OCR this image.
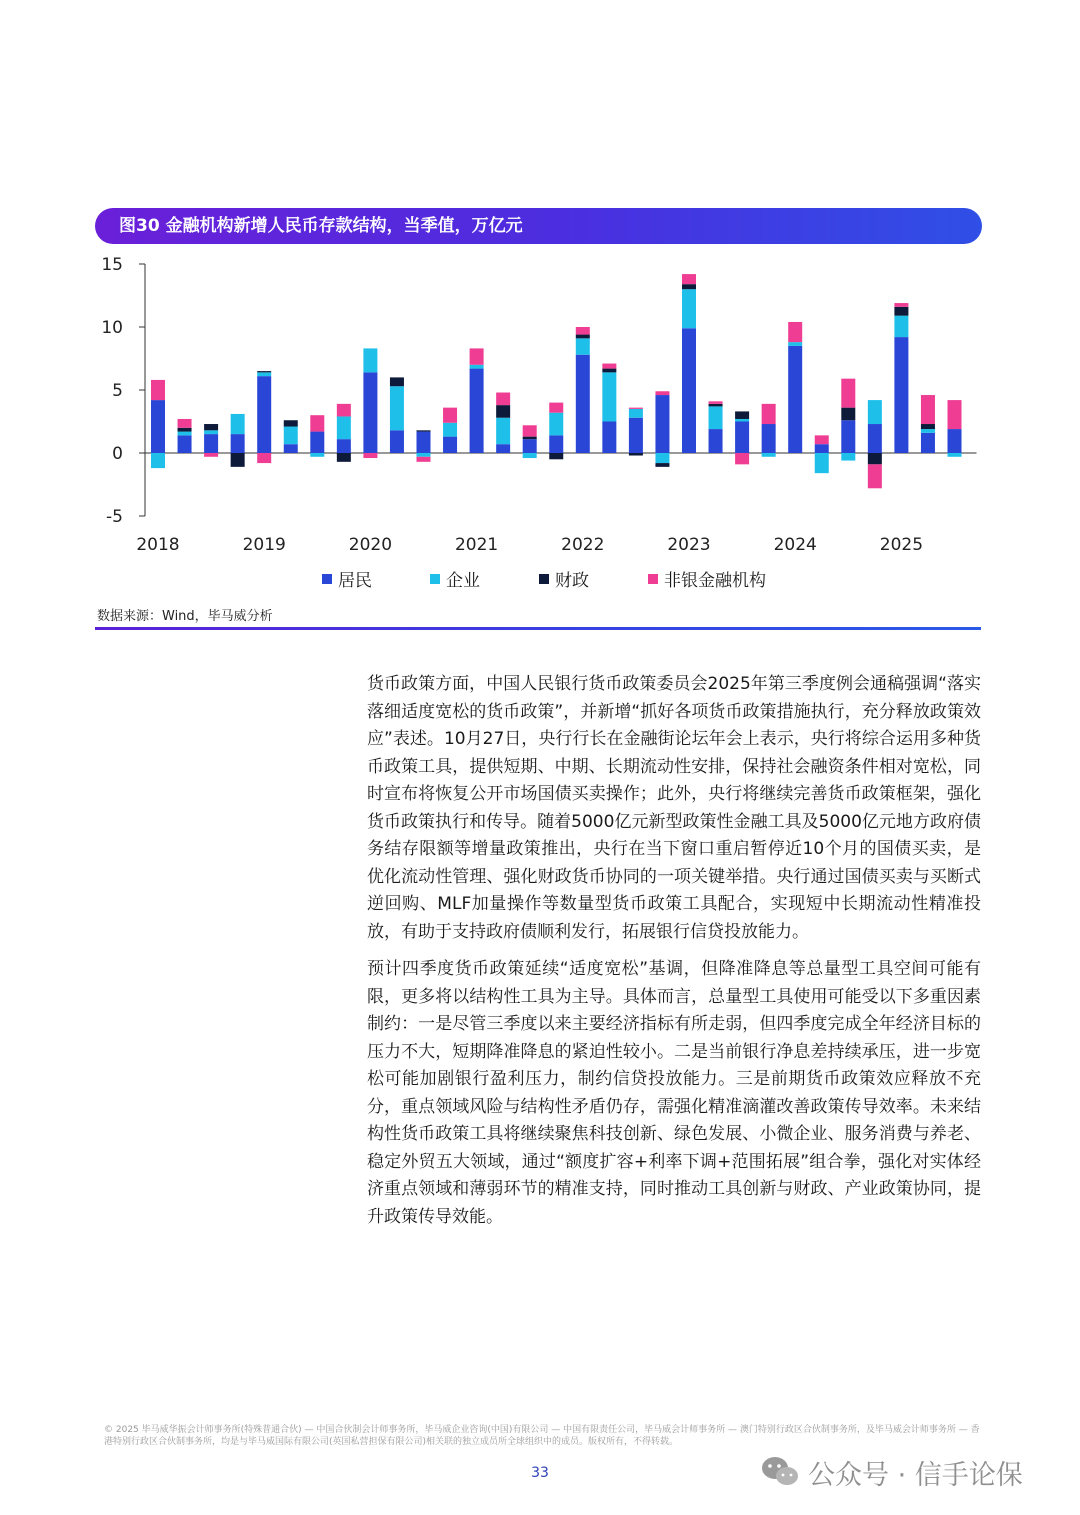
图30 金融机构新增人民币存款结构，当季值，万亿元
15
10
5
0
-5
2018	2019	2020	2021	2022	2023	2024	2025
居民	企业	财政	非银金融机构
数据来源：Wind，毕马威分析

货币政策方面，中国人民银行货币政策委员会2025年第三季度例会通稿强调“落实落细适度宽松的货币政策”，并新增“抓好各项货币政策措施执行，充分释放政策效应”表述。10月27日，央行行长在金融街论坛年会上表示，央行将综合运用多种货币政策工具，提供短期、中期、长期流动性安排，保持社会融资条件相对宽松，同时宣布将恢复公开市场国债买卖操作；此外，央行将继续完善货币政策框架，强化货币政策执行和传导。随着5000亿元新型政策性金融工具及5000亿元地方政府债务结存限额等增量政策推出，央行在当下窗口重启暂停近10个月的国债买卖，是优化流动性管理、强化财政货币协同的一项关键举措。央行通过国债买卖与买断式逆回购、MLF加量操作等数量型货币政策工具配合，实现短中长期流动性精准投放，有助于支持政府债顺利发行，拓展银行信贷投放能力。

预计四季度货币政策延续“适度宽松”基调，但降准降息等总量型工具空间可能有限，更多将以结构性工具为主导。具体而言，总量型工具使用可能受以下多重因素制约：一是尽管三季度以来主要经济指标有所走弱，但四季度完成全年经济目标的压力不大，短期降准降息的紧迫性较小。二是当前银行净息差持续承压，进一步宽松可能加剧银行盈利压力，制约信贷投放能力。三是前期货币政策效应释放不充分，重点领域风险与结构性矛盾仍存，需强化精准滴灌改善政策传导效率。未来结构性货币政策工具将继续聚焦科技创新、绿色发展、小微企业、服务消费与养老、稳定外贸五大领域，通过“额度扩容+利率下调+范围拓展”组合拳，强化对实体经济重点领域和薄弱环节的精准支持，同时推动工具创新与财政、产业政策协同，提升政策传导效能。

© 2025 毕马威华振会计师事务所(特殊普通合伙) — 中国合伙制会计师事务所，毕马威企业咨询(中国)有限公司 — 中国有限责任公司，毕马威会计师事务所 — 澳门特别行政区合伙制事务所，及毕马威会计师事务所 — 香港特别行政区合伙制事务所，均是与毕马威国际有限公司(英国私营担保有限公司)相关联的独立成员所全球组织中的成员。版权所有，不得转载。
33	公众号 · 信手论保
